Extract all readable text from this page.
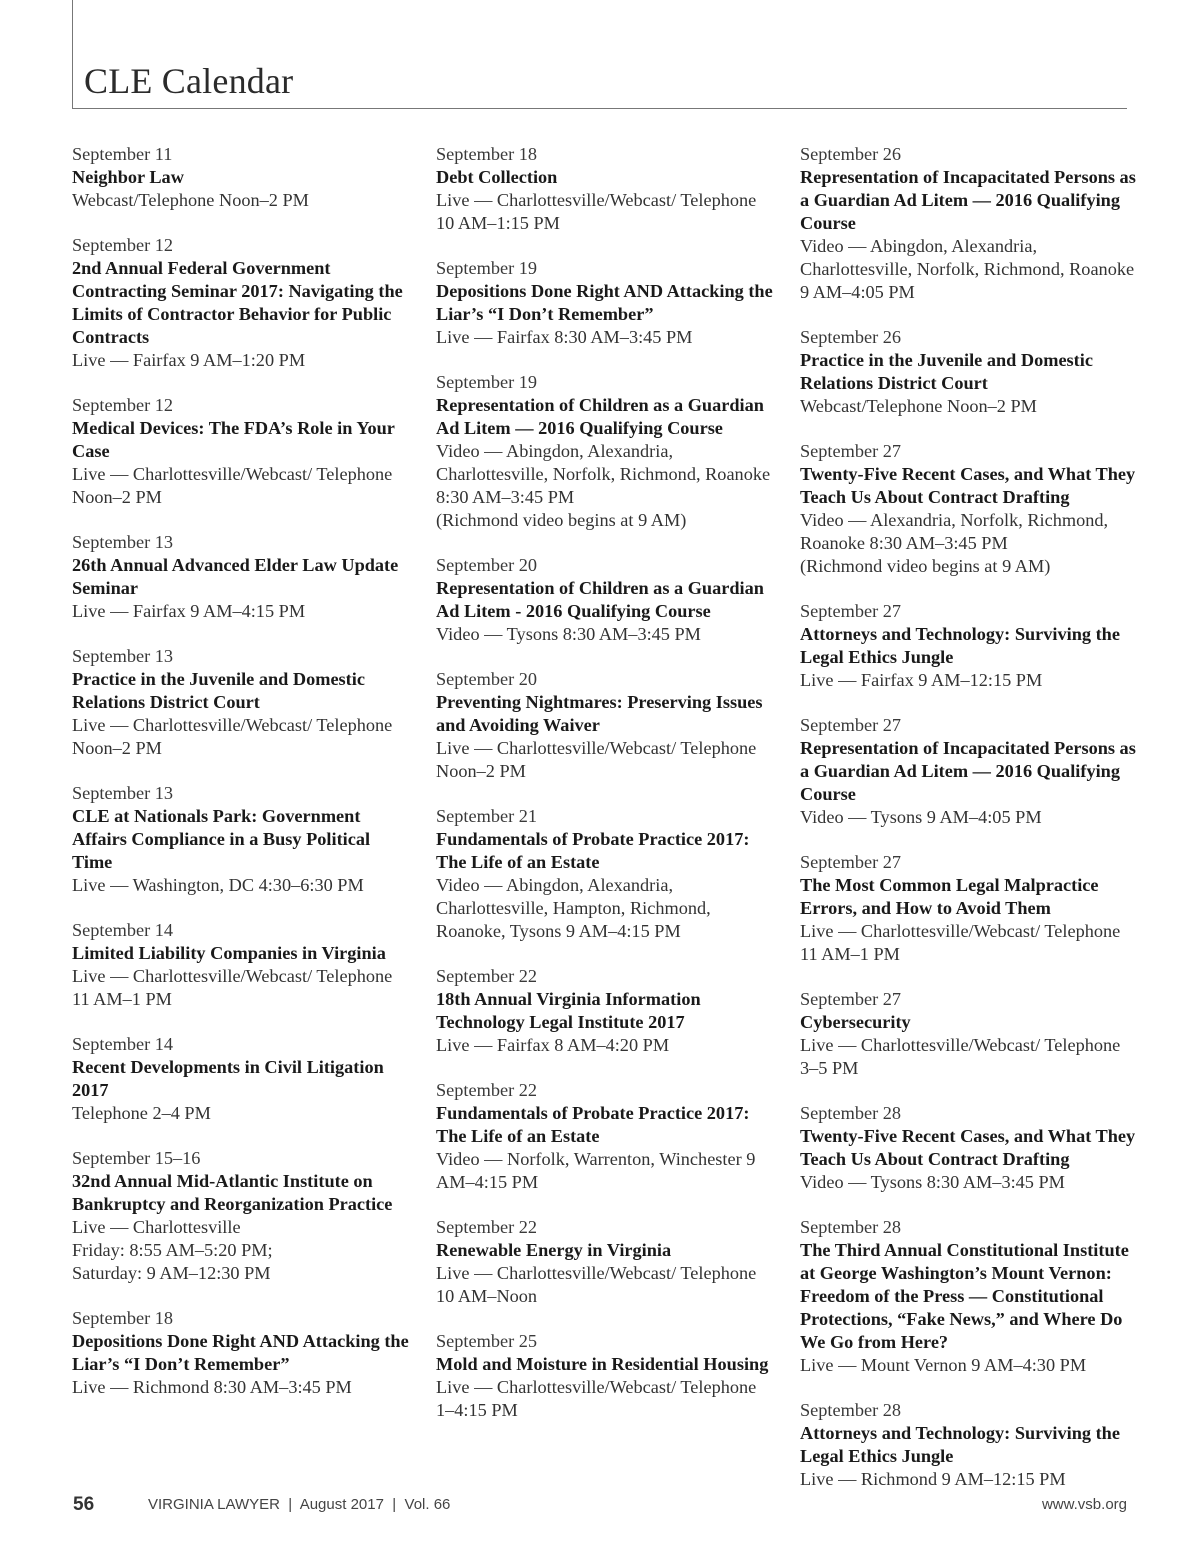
CLE Calendar
September 11
Neighbor Law
Webcast/Telephone Noon–2 PM
September 12
2nd Annual Federal Government Contracting Seminar 2017: Navigating the Limits of Contractor Behavior for Public Contracts
Live — Fairfax 9 AM–1:20 PM
September 12
Medical Devices: The FDA’s Role in Your Case
Live — Charlottesville/Webcast/ Telephone Noon–2 PM
September 13
26th Annual Advanced Elder Law Update Seminar
Live — Fairfax 9 AM–4:15 PM
September 13
Practice in the Juvenile and Domestic Relations District Court
Live — Charlottesville/Webcast/ Telephone Noon–2 PM
September 13
CLE at Nationals Park: Government Affairs Compliance in a Busy Political Time
Live — Washington, DC 4:30–6:30 PM
September 14
Limited Liability Companies in Virginia
Live — Charlottesville/Webcast/ Telephone 11 AM–1 PM
September 14
Recent Developments in Civil Litigation 2017
Telephone 2–4 PM
September 15–16
32nd Annual Mid-Atlantic Institute on Bankruptcy and Reorganization Practice
Live — Charlottesville
Friday: 8:55 AM–5:20 PM;
Saturday: 9 AM–12:30 PM
September 18
Depositions Done Right AND Attacking the Liar’s “I Don’t Remember”
Live — Richmond 8:30 AM–3:45 PM
September 18
Debt Collection
Live — Charlottesville/Webcast/ Telephone 10 AM–1:15 PM
September 19
Depositions Done Right AND Attacking the Liar’s “I Don’t Remember”
Live — Fairfax 8:30 AM–3:45 PM
September 19
Representation of Children as a Guardian Ad Litem — 2016 Qualifying Course
Video — Abingdon, Alexandria, Charlottesville, Norfolk, Richmond, Roanoke 8:30 AM–3:45 PM
(Richmond video begins at 9 AM)
September 20
Representation of Children as a Guardian Ad Litem - 2016 Qualifying Course
Video — Tysons 8:30 AM–3:45 PM
September 20
Preventing Nightmares: Preserving Issues and Avoiding Waiver
Live — Charlottesville/Webcast/ Telephone Noon–2 PM
September 21
Fundamentals of Probate Practice 2017: The Life of an Estate
Video — Abingdon, Alexandria, Charlottesville, Hampton, Richmond, Roanoke, Tysons 9 AM–4:15 PM
September 22
18th Annual Virginia Information Technology Legal Institute 2017
Live — Fairfax 8 AM–4:20 PM
September 22
Fundamentals of Probate Practice 2017: The Life of an Estate
Video — Norfolk, Warrenton, Winchester 9 AM–4:15 PM
September 22
Renewable Energy in Virginia
Live — Charlottesville/Webcast/ Telephone 10 AM–Noon
September 25
Mold and Moisture in Residential Housing
Live — Charlottesville/Webcast/ Telephone 1–4:15 PM
September 26
Representation of Incapacitated Persons as a Guardian Ad Litem — 2016 Qualifying Course
Video — Abingdon, Alexandria, Charlottesville, Norfolk, Richmond, Roanoke 9 AM–4:05 PM
September 26
Practice in the Juvenile and Domestic Relations District Court
Webcast/Telephone Noon–2 PM
September 27
Twenty-Five Recent Cases, and What They Teach Us About Contract Drafting
Video — Alexandria, Norfolk, Richmond, Roanoke 8:30 AM–3:45 PM
(Richmond video begins at 9 AM)
September 27
Attorneys and Technology: Surviving the Legal Ethics Jungle
Live — Fairfax 9 AM–12:15 PM
September 27
Representation of Incapacitated Persons as a Guardian Ad Litem — 2016 Qualifying Course
Video — Tysons 9 AM–4:05 PM
September 27
The Most Common Legal Malpractice Errors, and How to Avoid Them
Live — Charlottesville/Webcast/ Telephone 11 AM–1 PM
September 27
Cybersecurity
Live — Charlottesville/Webcast/ Telephone 3–5 PM
September 28
Twenty-Five Recent Cases, and What They Teach Us About Contract Drafting
Video — Tysons 8:30 AM–3:45 PM
September 28
The Third Annual Constitutional Institute at George Washington’s Mount Vernon: Freedom of the Press — Constitutional Protections, “Fake News,” and Where Do We Go from Here?
Live — Mount Vernon 9 AM–4:30 PM
September 28
Attorneys and Technology: Surviving the Legal Ethics Jungle
Live — Richmond 9 AM–12:15 PM
56	VIRGINIA LAWYER  |  August 2017  |  Vol. 66	www.vsb.org
